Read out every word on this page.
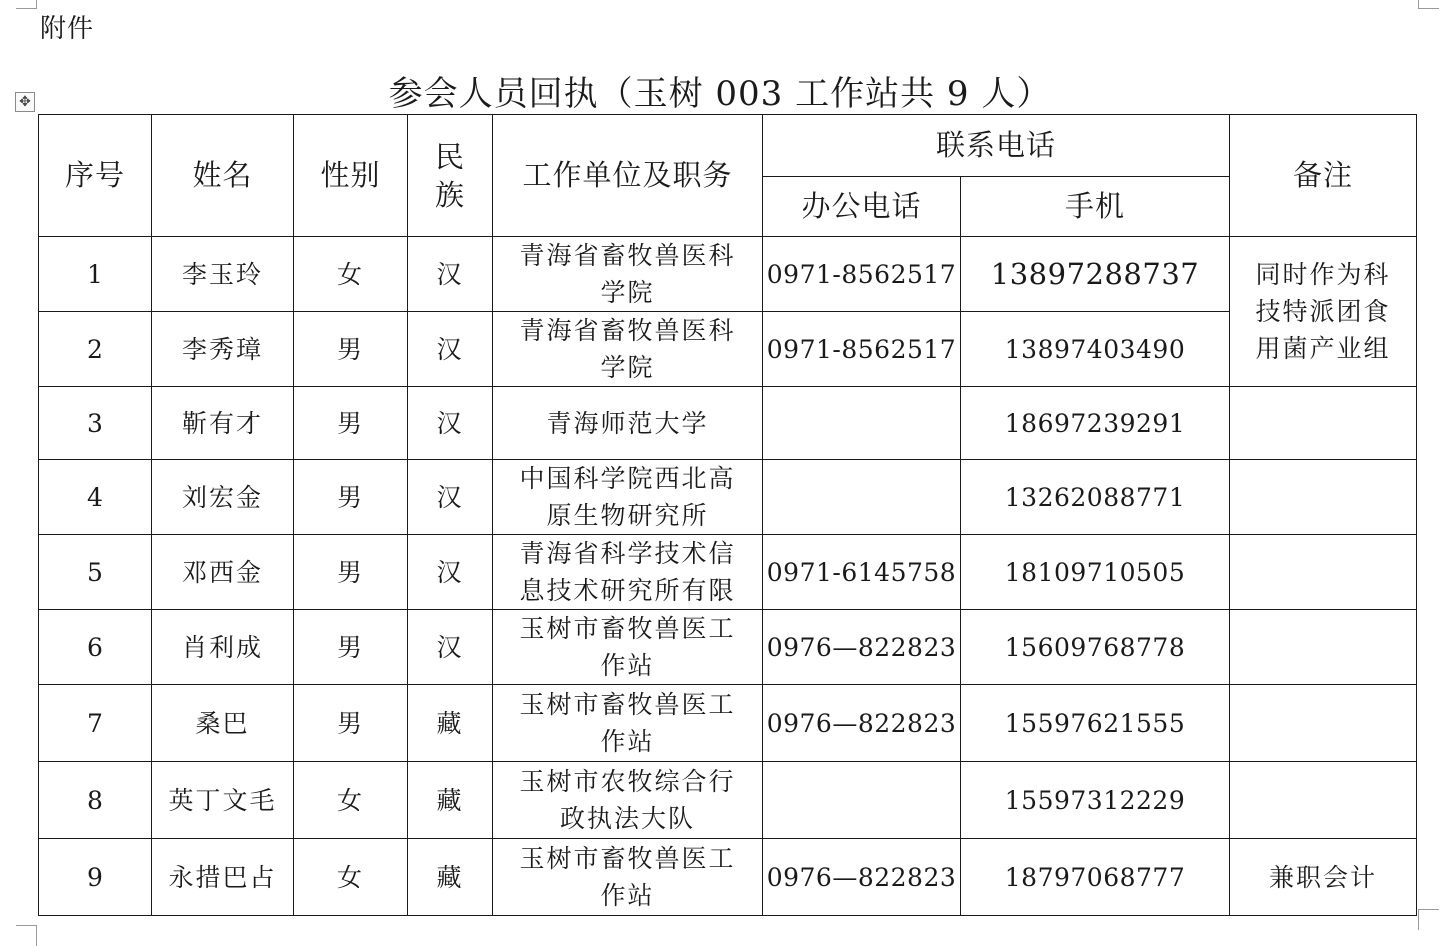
附件
参会人员回执（玉树 003 工作站共 9 人）
✥
序号	姓名	性别	民族	工作单位及职务	联系电话		备注
					办公电话	手机	
1	李玉玲	女	汉	青海省畜牧兽医科学院	0971-8562517	13897288737	同时作为科技特派团食用菌产业组
2	李秀璋	男	汉	青海省畜牧兽医科学院	0971-8562517	13897403490	
3	靳有才	男	汉	青海师范大学		18697239291	
4	刘宏金	男	汉	中国科学院西北高原生物研究所		13262088771	
5	邓西金	男	汉	青海省科学技术信息技术研究所有限	0971-6145758	18109710505	
6	肖利成	男	汉	玉树市畜牧兽医工作站	0976—822823	15609768778	
7	桑巴	男	藏	玉树市畜牧兽医工作站	0976—822823	15597621555	
8	英丁文毛	女	藏	玉树市农牧综合行政执法大队		15597312229	
9	永措巴占	女	藏	玉树市畜牧兽医工作站	0976—822823	18797068777	兼职会计
